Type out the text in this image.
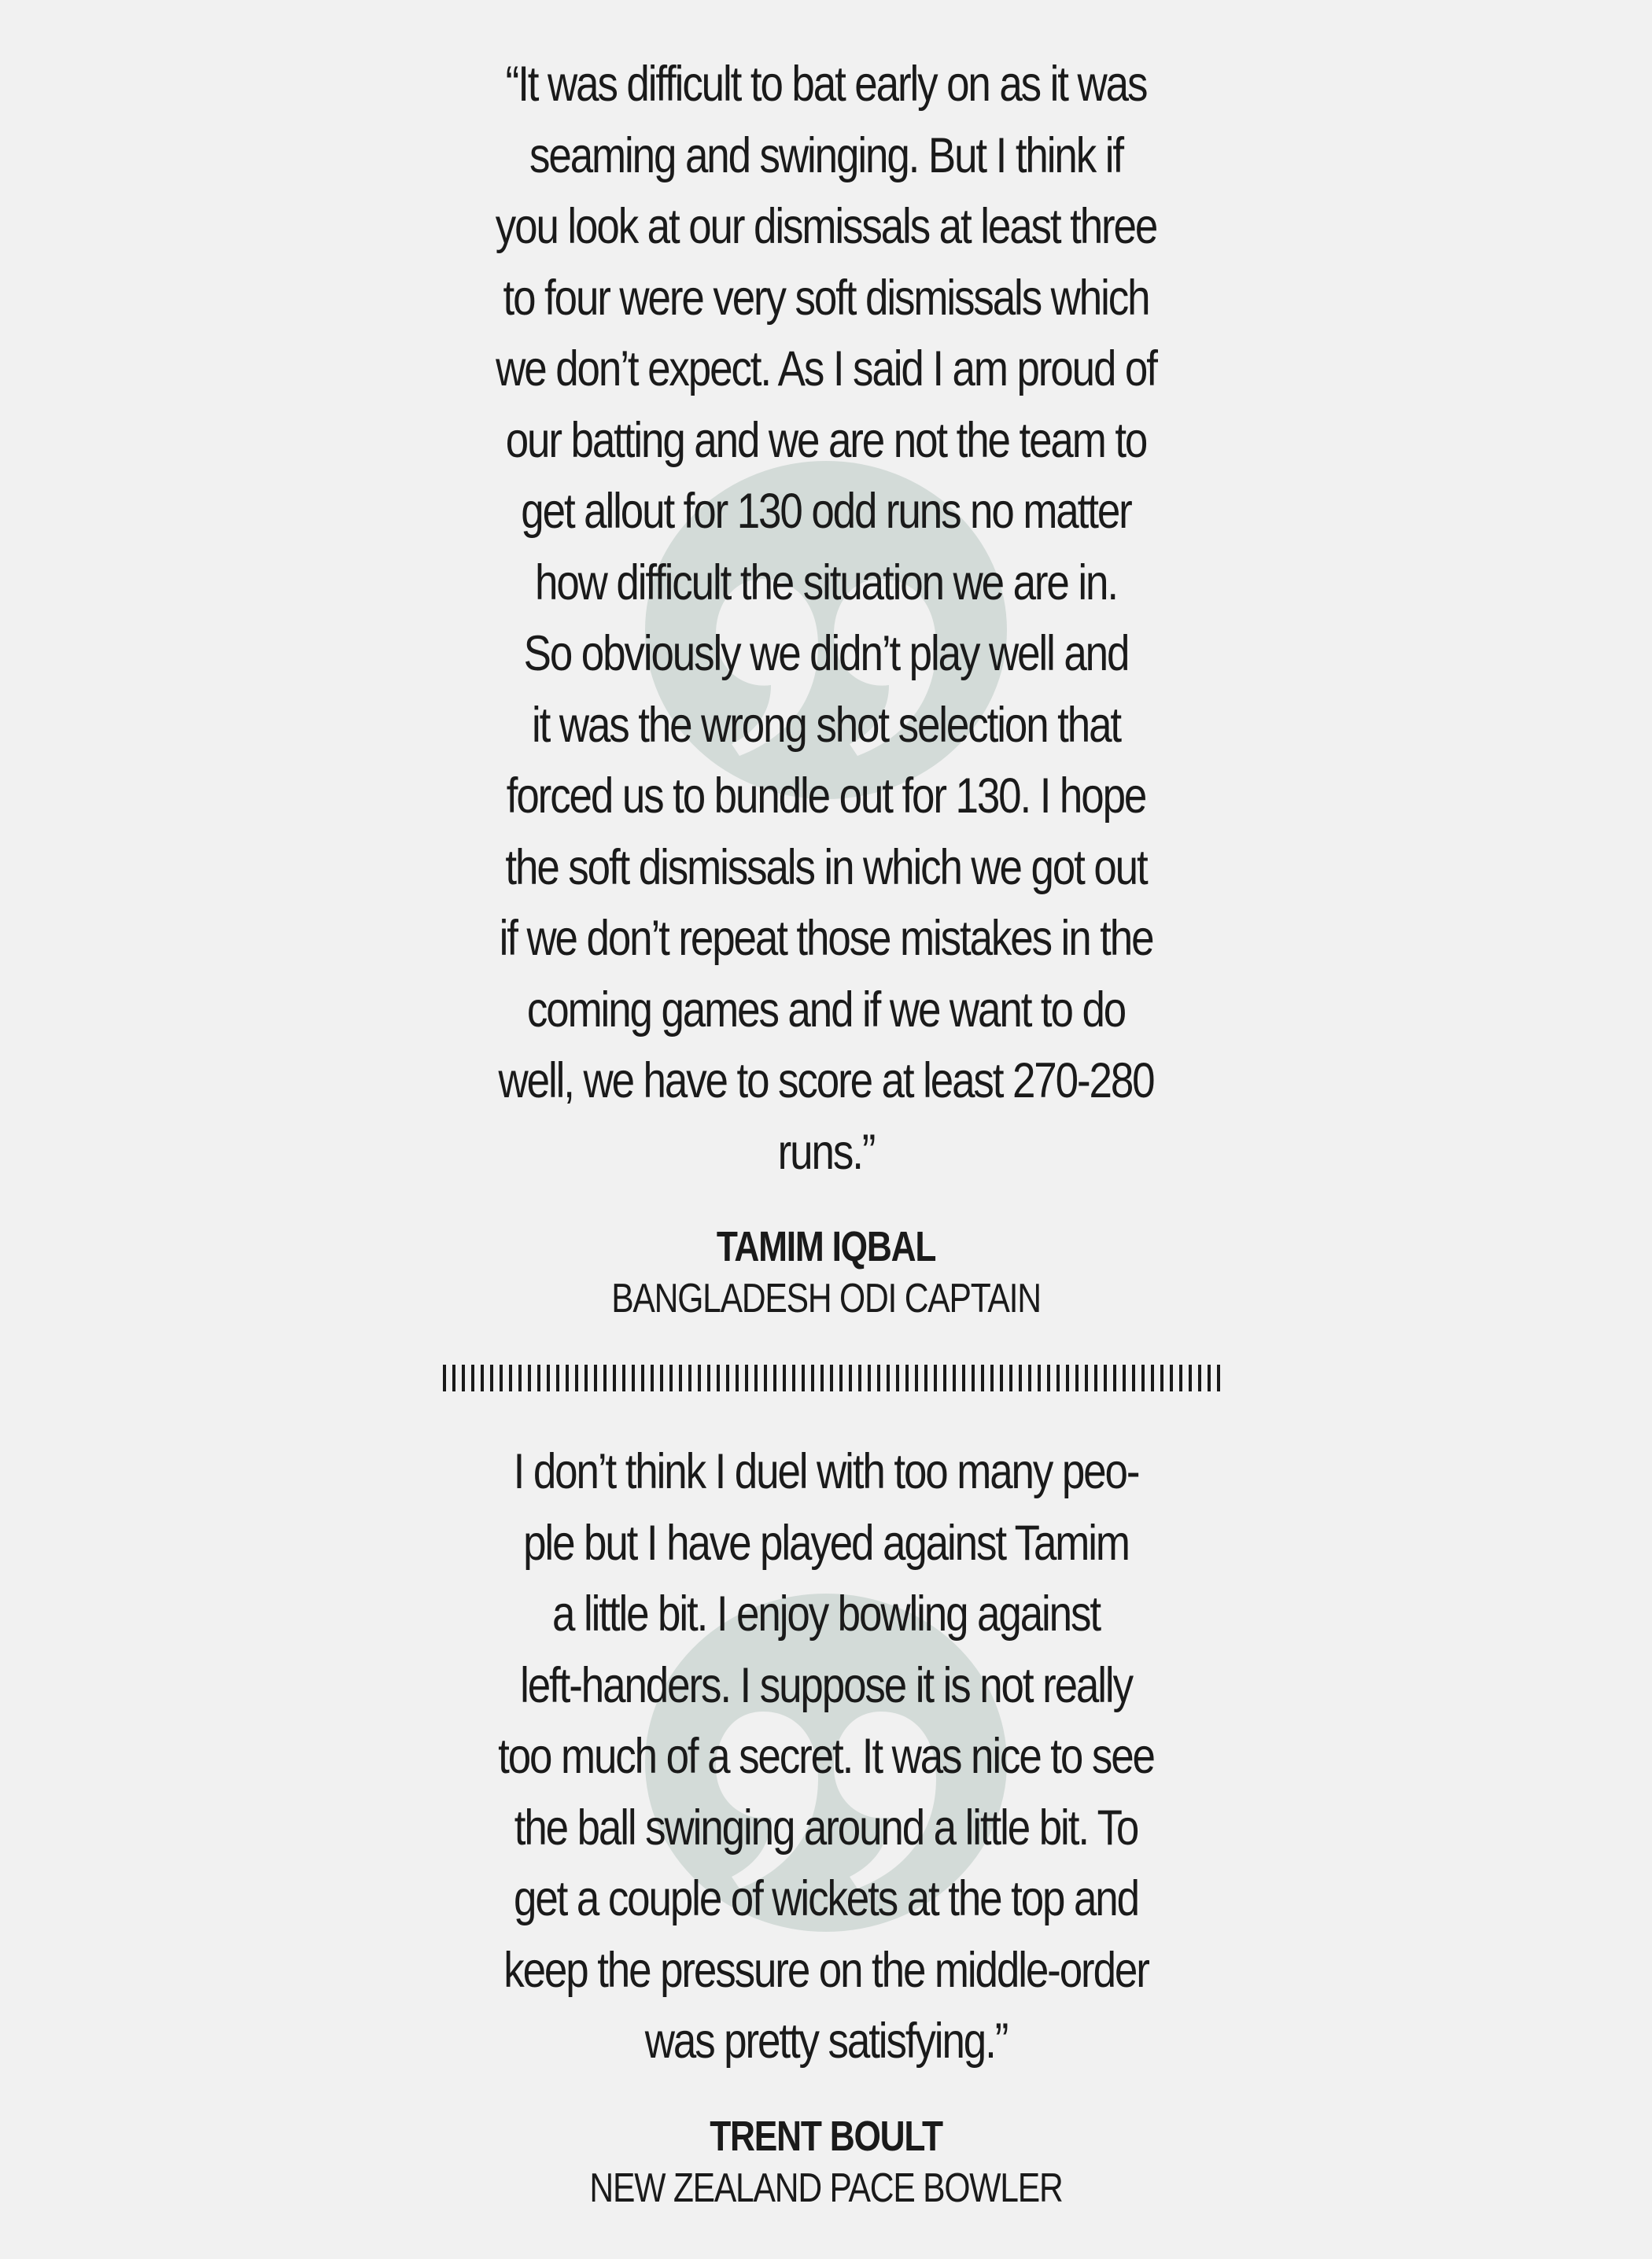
“It was difficult to bat early on as it was
seaming and swinging. But I think if
you look at our dismissals at least three
to four were very soft dismissals which
we don’t expect. As I said I am proud of
our batting and we are not the team to
get allout for 130 odd runs no matter
how difficult the situation we are in.
So obviously we didn’t play well and
it was the wrong shot selection that
forced us to bundle out for 130. I hope
the soft dismissals in which we got out
if we don’t repeat those mistakes in the
coming games and if we want to do
well, we have to score at least 270-280
runs.”
TAMIM IQBAL
BANGLADESH ODI CAPTAIN
I don’t think I duel with too many peo-
ple but I have played against Tamim
a little bit. I enjoy bowling against
left-handers. I suppose it is not really
too much of a secret. It was nice to see
the ball swinging around a little bit. To
get a couple of wickets at the top and
keep the pressure on the middle-order
was pretty satisfying.”
TRENT BOULT
NEW ZEALAND PACE BOWLER
